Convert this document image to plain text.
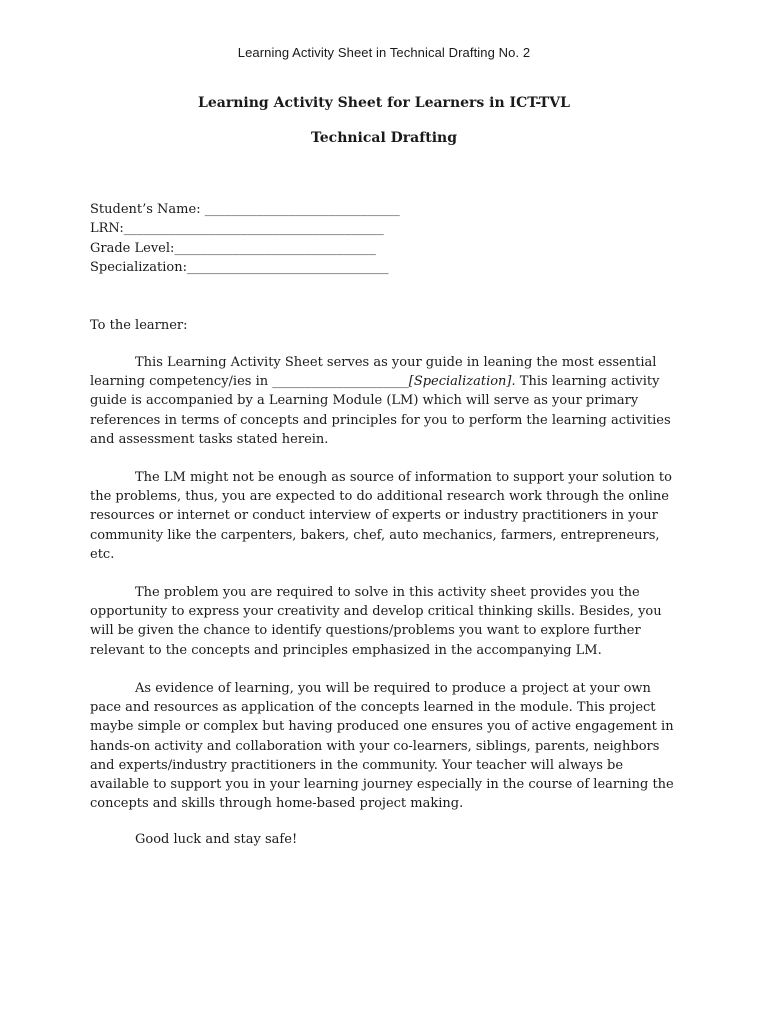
Learning Activity Sheet in Technical Drafting No. 2
Learning Activity Sheet for Learners in ICT-TVL
Technical Drafting
Student’s Name: ______________________________
LRN:________________________________________
Grade Level:_______________________________
Specialization:_______________________________

To the learner:

This Learning Activity Sheet serves as your guide in leaning the most essential learning competency/ies in _____________________[Specialization]. This learning activity guide is accompanied by a Learning Module (LM) which will serve as your primary references in terms of concepts and principles for you to perform the learning activities and assessment tasks stated herein.

The LM might not be enough as source of information to support your solution to the problems, thus, you are expected to do additional research work through the online resources or internet or conduct interview of experts or industry practitioners in your community like the carpenters, bakers, chef, auto mechanics, farmers, entrepreneurs, etc.

The problem you are required to solve in this activity sheet provides you the opportunity to express your creativity and develop critical thinking skills. Besides, you will be given the chance to identify questions/problems you want to explore further relevant to the concepts and principles emphasized in the accompanying LM.

As evidence of learning, you will be required to produce a project at your own pace and resources as application of the concepts learned in the module. This project maybe simple or complex but having produced one ensures you of active engagement in hands-on activity and collaboration with your co-learners, siblings, parents, neighbors and experts/industry practitioners in the community. Your teacher will always be available to support you in your learning journey especially in the course of learning the concepts and skills through home-based project making.

Good luck and stay safe!
